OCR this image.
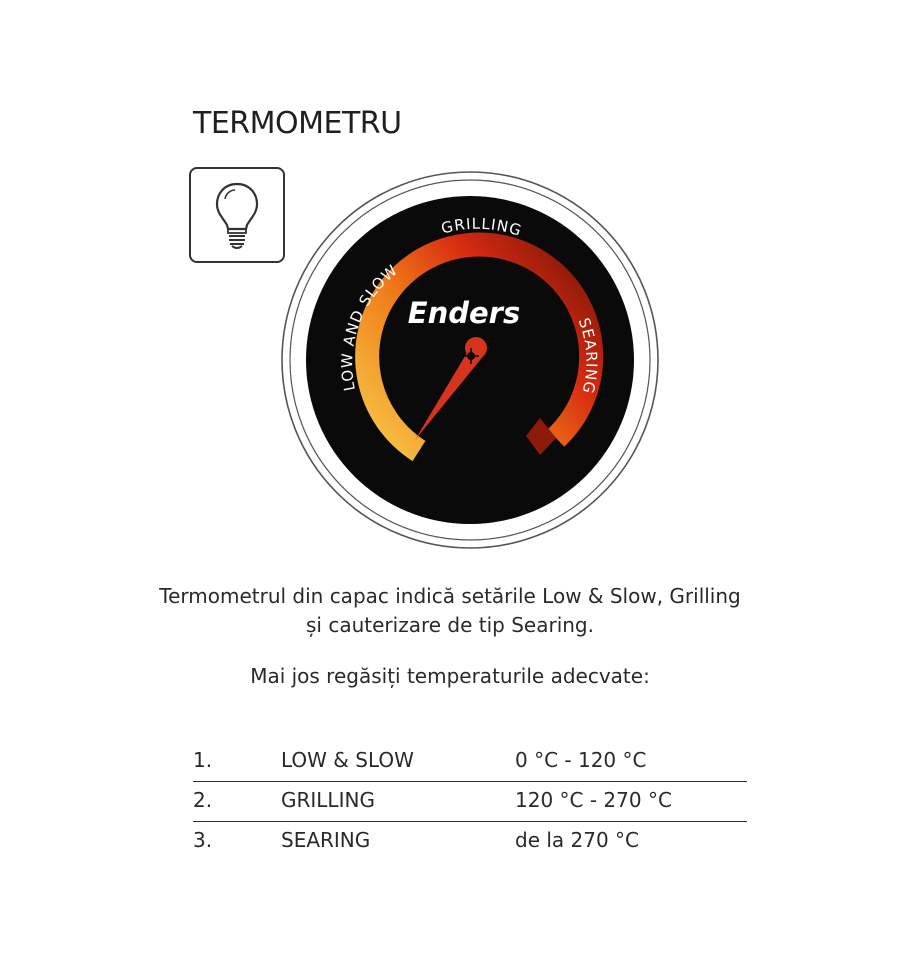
TERMOMETRU
LOW AND SLOW
GRILLING
SEARING
Enders
Termometrul din capac indică setările Low & Slow, Grilling
și cauterizare de tip Searing.
Mai jos regăsiți temperaturile adecvate:
1.	LOW & SLOW	0 °C - 120 °C
2.	GRILLING	120 °C - 270 °C
3.	SEARING	de la 270 °C
